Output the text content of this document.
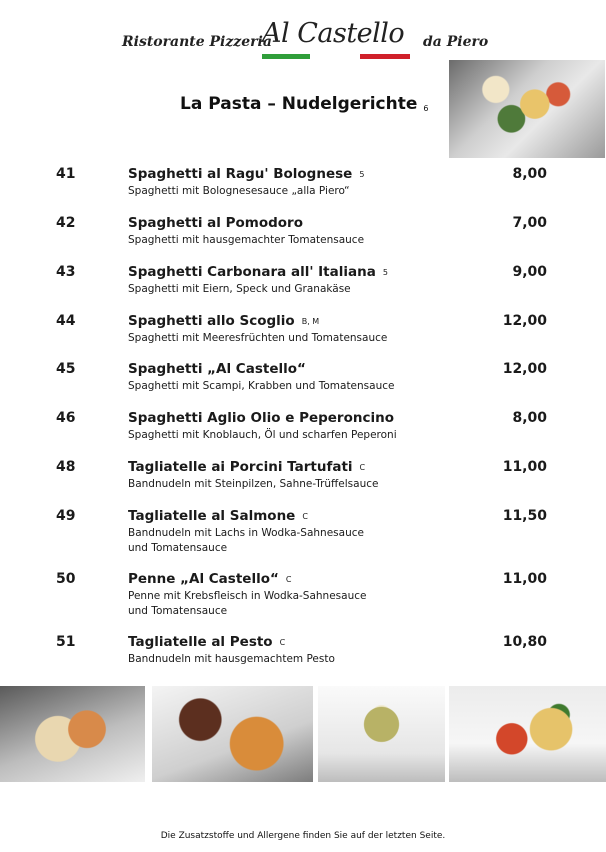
Ristorante Pizzeria
Al Castello da Piero
La Pasta – Nudelgerichte $^6$
41	Spaghetti al Ragu' Bolognese 5
Spaghetti mit Bolognesesauce „alla Piero“
8,00
42	Spaghetti al Pomodoro
Spaghetti mit hausgemachter Tomatensauce
7,00
43	Spaghetti Carbonara all' Italiana 5
Spaghetti mit Eiern, Speck und Granakäse
9,00
44	Spaghetti allo Scoglio B, M
Spaghetti mit Meeresfrüchten und Tomatensauce
12,00
45	Spaghetti „Al Castello“
Spaghetti mit Scampi, Krabben und Tomatensauce
12,00
46	Spaghetti Aglio Olio e Peperoncino
Spaghetti mit Knoblauch, Öl und scharfen Peperoni
8,00
48	Tagliatelle ai Porcini Tartufati C
Bandnudeln mit Steinpilzen, Sahne-Trüffelsauce
11,00
49	Tagliatelle al Salmone C
Bandnudeln mit Lachs in Wodka-Sahnesauce
und Tomatensauce
11,50
50	Penne „Al Castello“ C
Penne mit Krebsfleisch in Wodka-Sahnesauce
und Tomatensauce
11,00
51	Tagliatelle al Pesto C
Bandnudeln mit hausgemachtem Pesto
10,80
Die Zusatzstoffe und Allergene finden Sie auf der letzten Seite.
